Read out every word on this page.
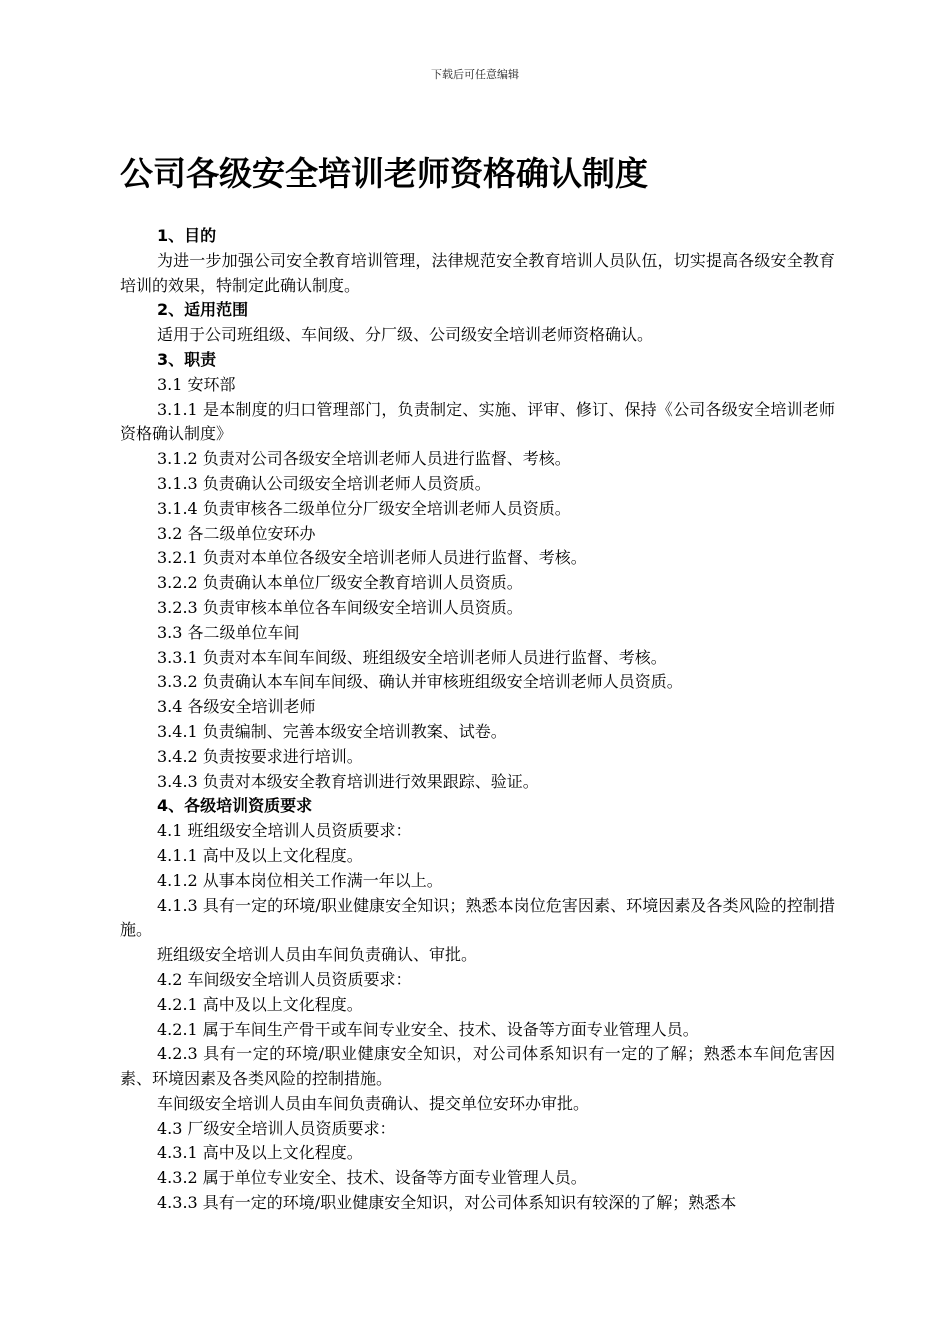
下载后可任意编辑
公司各级安全培训老师资格确认制度

1、目的

为进一步加强公司安全教育培训管理，法律规范安全教育培训人员队伍，切实提高各级安全教育培训的效果，特制定此确认制度。

2、适用范围

适用于公司班组级、车间级、分厂级、公司级安全培训老师资格确认。

3、职责

3.1 安环部

3.1.1 是本制度的归口管理部门，负责制定、实施、评审、修订、保持《公司各级安全培训老师资格确认制度》

3.1.2 负责对公司各级安全培训老师人员进行监督、考核。

3.1.3 负责确认公司级安全培训老师人员资质。

3.1.4 负责审核各二级单位分厂级安全培训老师人员资质。

3.2 各二级单位安环办

3.2.1 负责对本单位各级安全培训老师人员进行监督、考核。

3.2.2 负责确认本单位厂级安全教育培训人员资质。

3.2.3 负责审核本单位各车间级安全培训人员资质。

3.3 各二级单位车间

3.3.1 负责对本车间车间级、班组级安全培训老师人员进行监督、考核。

3.3.2 负责确认本车间车间级、确认并审核班组级安全培训老师人员资质。

3.4 各级安全培训老师

3.4.1 负责编制、完善本级安全培训教案、试卷。

3.4.2 负责按要求进行培训。

3.4.3 负责对本级安全教育培训进行效果跟踪、验证。

4、各级培训资质要求

4.1 班组级安全培训人员资质要求：

4.1.1 高中及以上文化程度。

4.1.2 从事本岗位相关工作满一年以上。

4.1.3 具有一定的环境/职业健康安全知识；熟悉本岗位危害因素、环境因素及各类风险的控制措施。

班组级安全培训人员由车间负责确认、审批。

4.2 车间级安全培训人员资质要求：

4.2.1 高中及以上文化程度。

4.2.1 属于车间生产骨干或车间专业安全、技术、设备等方面专业管理人员。

4.2.3 具有一定的环境/职业健康安全知识，对公司体系知识有一定的了解；熟悉本车间危害因素、环境因素及各类风险的控制措施。

车间级安全培训人员由车间负责确认、提交单位安环办审批。

4.3 厂级安全培训人员资质要求：

4.3.1 高中及以上文化程度。

4.3.2 属于单位专业安全、技术、设备等方面专业管理人员。

4.3.3 具有一定的环境/职业健康安全知识，对公司体系知识有较深的了解；熟悉本
